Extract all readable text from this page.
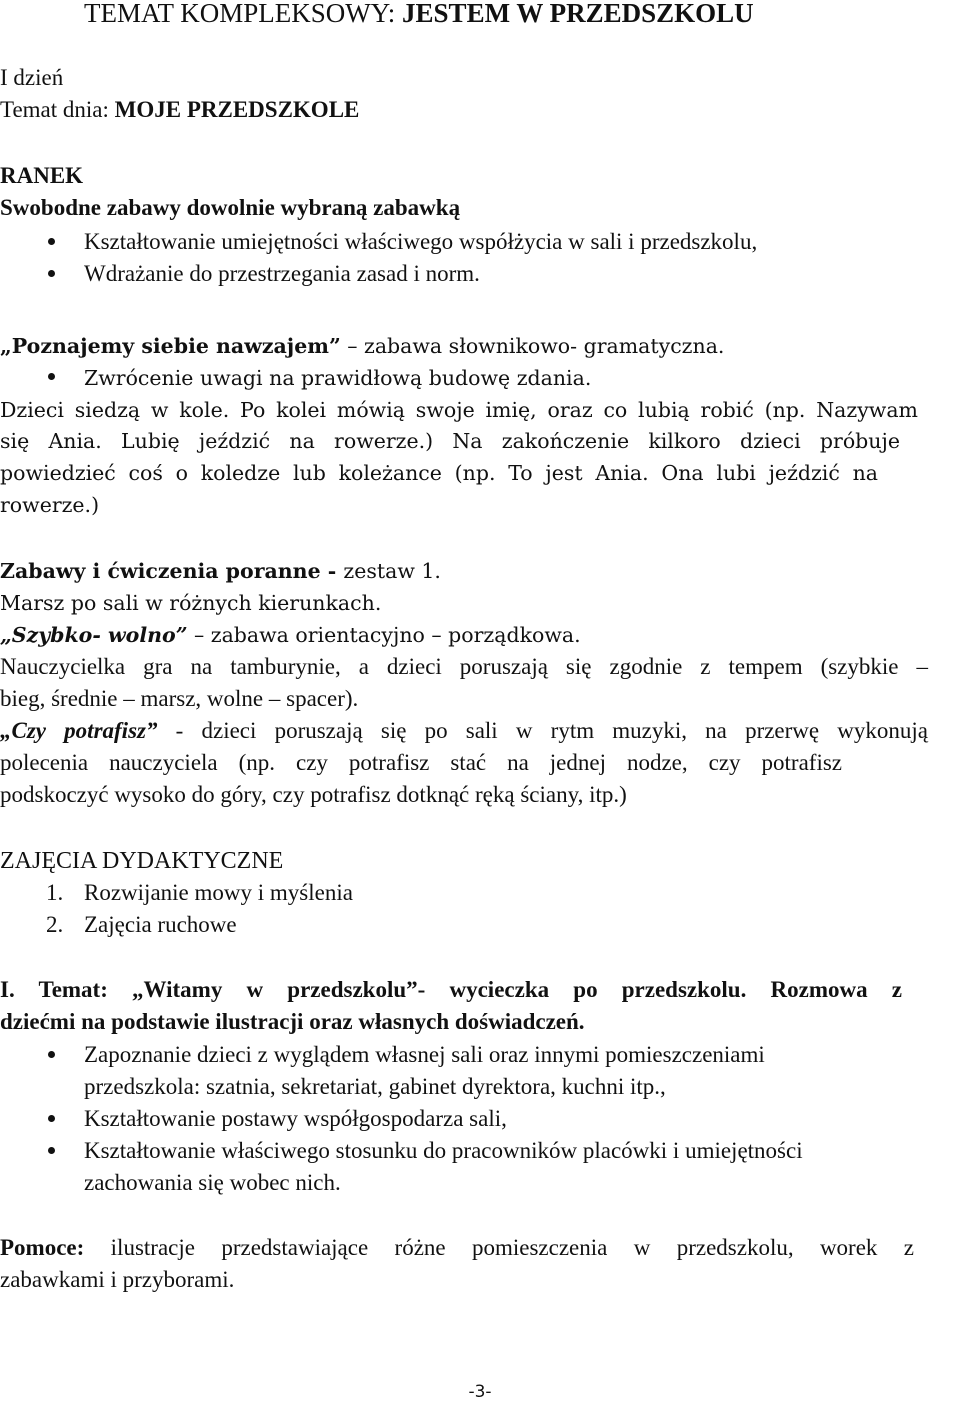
TEMAT KOMPLEKSOWY: JESTEM W PRZEDSZKOLU
I dzień
Temat dnia: MOJE PRZEDSZKOLE
RANEK
Swobodne zabawy dowolnie wybraną zabawką
Kształtowanie umiejętności właściwego współżycia w sali i przedszkolu,
Wdrażanie do przestrzegania zasad i norm.
„Poznajemy siebie nawzajem” – zabawa słownikowo- gramatyczna.
Zwrócenie uwagi na prawidłową budowę zdania.
Dzieci siedzą w kole. Po kolei mówią swoje imię, oraz co lubią robić (np. Nazywam
się Ania. Lubię jeździć na rowerze.) Na zakończenie kilkoro dzieci próbuje
powiedzieć coś o koledze lub koleżance (np. To jest Ania. Ona lubi jeździć na
rowerze.)
Zabawy i ćwiczenia poranne - zestaw 1.
Marsz po sali w różnych kierunkach.
„Szybko- wolno” – zabawa orientacyjno – porządkowa.
Nauczycielka gra na tamburynie, a dzieci poruszają się zgodnie z tempem (szybkie –
bieg, średnie – marsz, wolne – spacer).
„Czy potrafisz” - dzieci poruszają się po sali w rytm muzyki, na przerwę wykonują
polecenia nauczyciela (np. czy potrafisz stać na jednej nodze, czy potrafisz
podskoczyć wysoko do góry, czy potrafisz dotknąć ręką ściany, itp.)
ZAJĘCIA DYDAKTYCZNE
1. Rozwijanie mowy i myślenia
2. Zajęcia ruchowe
I. Temat: „Witamy w przedszkolu”- wycieczka po przedszkolu. Rozmowa z
dziećmi na podstawie ilustracji oraz własnych doświadczeń.
Zapoznanie dzieci z wyglądem własnej sali oraz innymi pomieszczeniami
przedszkola: szatnia, sekretariat, gabinet dyrektora, kuchni itp.,
Kształtowanie postawy współgospodarza sali,
Kształtowanie właściwego stosunku do pracowników placówki i umiejętności
zachowania się wobec nich.
Pomoce: ilustracje przedstawiające różne pomieszczenia w przedszkolu, worek z
zabawkami i przyborami.
-3-
